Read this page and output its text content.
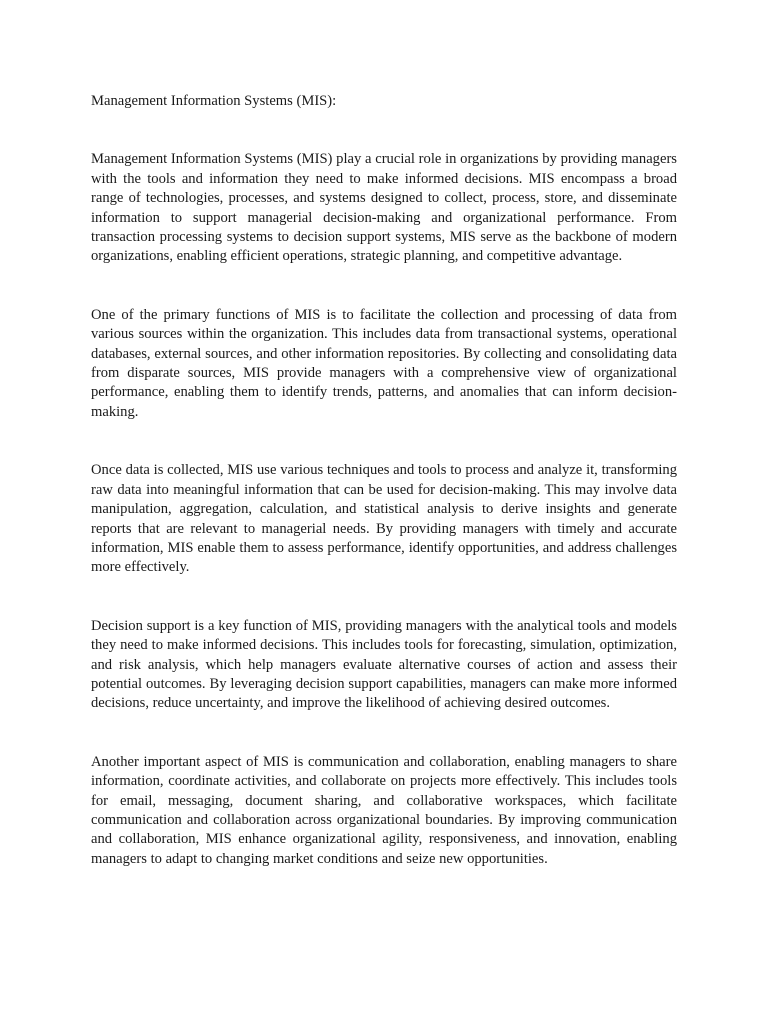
Management Information Systems (MIS):

Management Information Systems (MIS) play a crucial role in organizations by providing managers with the tools and information they need to make informed decisions. MIS encompass a broad range of technologies, processes, and systems designed to collect, process, store, and disseminate information to support managerial decision-making and organizational performance. From transaction processing systems to decision support systems, MIS serve as the backbone of modern organizations, enabling efficient operations, strategic planning, and competitive advantage.

One of the primary functions of MIS is to facilitate the collection and processing of data from various sources within the organization. This includes data from transactional systems, operational databases, external sources, and other information repositories. By collecting and consolidating data from disparate sources, MIS provide managers with a comprehensive view of organizational performance, enabling them to identify trends, patterns, and anomalies that can inform decision-making.

Once data is collected, MIS use various techniques and tools to process and analyze it, transforming raw data into meaningful information that can be used for decision-making. This may involve data manipulation, aggregation, calculation, and statistical analysis to derive insights and generate reports that are relevant to managerial needs. By providing managers with timely and accurate information, MIS enable them to assess performance, identify opportunities, and address challenges more effectively.

Decision support is a key function of MIS, providing managers with the analytical tools and models they need to make informed decisions. This includes tools for forecasting, simulation, optimization, and risk analysis, which help managers evaluate alternative courses of action and assess their potential outcomes. By leveraging decision support capabilities, managers can make more informed decisions, reduce uncertainty, and improve the likelihood of achieving desired outcomes.

Another important aspect of MIS is communication and collaboration, enabling managers to share information, coordinate activities, and collaborate on projects more effectively. This includes tools for email, messaging, document sharing, and collaborative workspaces, which facilitate communication and collaboration across organizational boundaries. By improving communication and collaboration, MIS enhance organizational agility, responsiveness, and innovation, enabling managers to adapt to changing market conditions and seize new opportunities.
